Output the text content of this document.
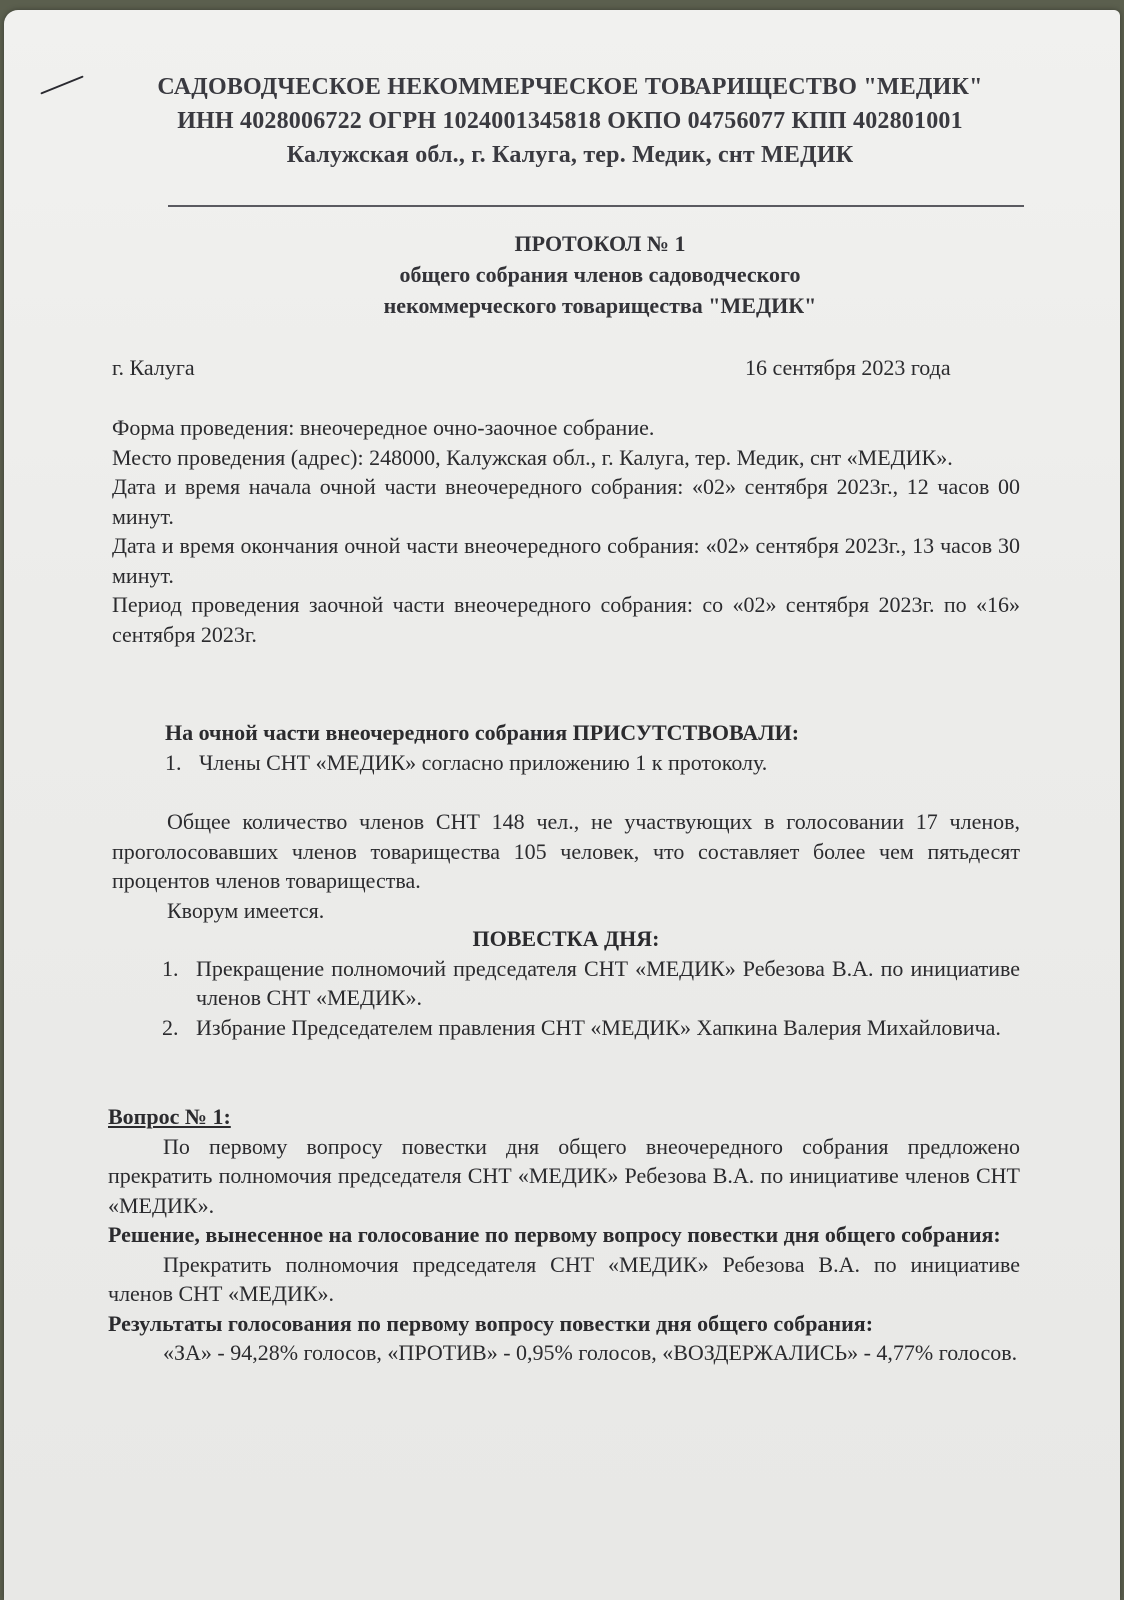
САДОВОДЧЕСКОЕ НЕКОММЕРЧЕСКОЕ ТОВАРИЩЕСТВО "МЕДИК"
ИНН 4028006722 ОГРН 1024001345818 ОКПО 04756077 КПП 402801001
Калужская обл., г. Калуга, тер. Медик, снт МЕДИК
ПРОТОКОЛ № 1
общего собрания членов садоводческого
некоммерческого товарищества "МЕДИК"
г. Калуга	16 сентября 2023 года

Форма проведения: внеочередное очно-заочное собрание.

Место проведения (адрес): 248000, Калужская обл., г. Калуга, тер. Медик, снт «МЕДИК».

Дата и время начала очной части внеочередного собрания: «02» сентября 2023г., 12 часов 00 минут.

Дата и время окончания очной части внеочередного собрания: «02» сентября 2023г., 13 часов 30 минут.

Период проведения заочной части внеочередного собрания: со «02» сентября 2023г. по «16» сентября 2023г.

На очной части внеочередного собрания ПРИСУТСТВОВАЛИ:

1. Члены СНТ «МЕДИК» согласно приложению 1 к протоколу.

Общее количество членов СНТ 148 чел., не участвующих в голосовании 17 членов, проголосовавших членов товарищества 105 человек, что составляет более чем пятьдесят процентов членов товарищества.

Кворум имеется.

ПОВЕСТКА ДНЯ:

1. Прекращение полномочий председателя СНТ «МЕДИК» Ребезова В.А. по инициативе членов СНТ «МЕДИК».
2. Избрание Председателем правления СНТ «МЕДИК» Хапкина Валерия Михайловича.

Вопрос № 1:

По первому вопросу повестки дня общего внеочередного собрания предложено прекратить полномочия председателя СНТ «МЕДИК» Ребезова В.А. по инициативе членов СНТ «МЕДИК».

Решение, вынесенное на голосование по первому вопросу повестки дня общего собрания:

Прекратить полномочия председателя СНТ «МЕДИК» Ребезова В.А. по инициативе членов СНТ «МЕДИК».

Результаты голосования по первому вопросу повестки дня общего собрания:

«ЗА» - 94,28% голосов, «ПРОТИВ» - 0,95% голосов, «ВОЗДЕРЖАЛИСЬ» - 4,77% голосов.
